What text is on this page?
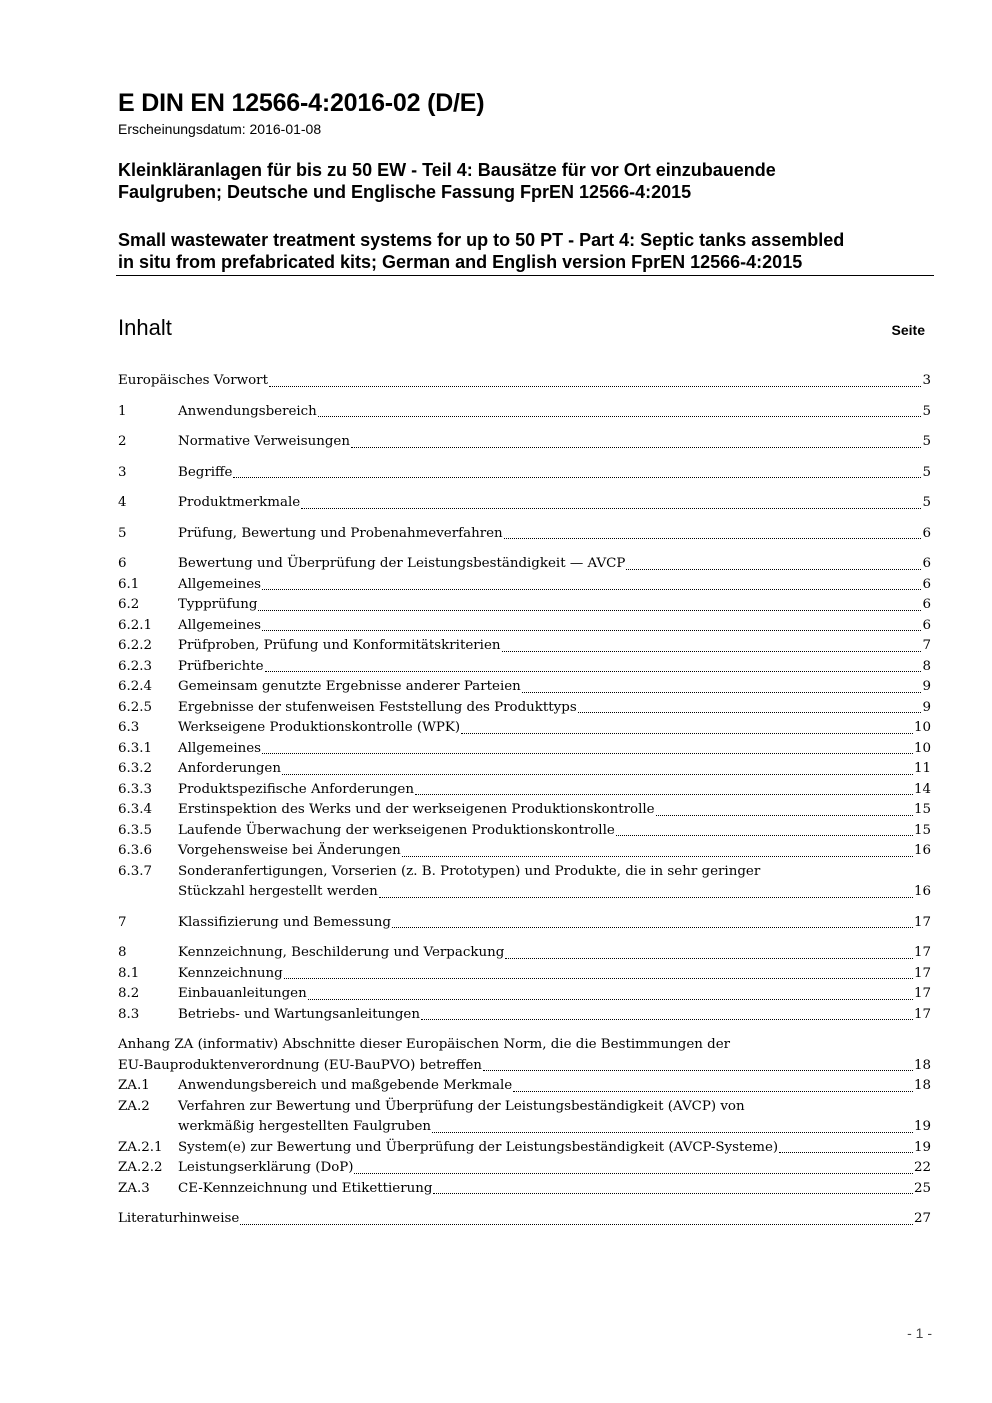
E DIN EN 12566-4:2016-02 (D/E)
Erscheinungsdatum: 2016-01-08
Kleinkläranlagen für bis zu 50 EW - Teil 4: Bausätze für vor Ort einzubauende
Faulgruben; Deutsche und Englische Fassung FprEN 12566-4:2015
Small wastewater treatment systems for up to 50 PT - Part 4: Septic tanks assembled
in situ from prefabricated kits; German and English version FprEN 12566-4:2015
Inhalt	Seite
Europäisches Vorwort	3
1	Anwendungsbereich	5
2	Normative Verweisungen	5
3	Begriffe	5
4	Produktmerkmale	5
5	Prüfung, Bewertung und Probenahmeverfahren	6
6	Bewertung und Überprüfung der Leistungsbeständigkeit — AVCP	6
6.1	Allgemeines	6
6.2	Typprüfung	6
6.2.1 Allgemeines	6
6.2.2 Prüfproben, Prüfung und Konformitätskriterien	7
6.2.3 Prüfberichte	8
6.2.4 Gemeinsam genutzte Ergebnisse anderer Parteien	9
6.2.5 Ergebnisse der stufenweisen Feststellung des Produkttyps	9
6.3	Werkseigene Produktionskontrolle (WPK)	10
6.3.1 Allgemeines	10
6.3.2 Anforderungen	11
6.3.3 Produktspezifische Anforderungen	14
6.3.4 Erstinspektion des Werks und der werkseigenen Produktionskontrolle	15
6.3.5 Laufende Überwachung der werkseigenen Produktionskontrolle	15
6.3.6 Vorgehensweise bei Änderungen	16
6.3.7 Sonderanfertigungen, Vorserien (z. B. Prototypen) und Produkte, die in sehr geringer
Stückzahl hergestellt werden	16
7	Klassifizierung und Bemessung	17
8	Kennzeichnung, Beschilderung und Verpackung	17
8.1	Kennzeichnung	17
8.2	Einbauanleitungen	17
8.3	Betriebs- und Wartungsanleitungen	17
Anhang ZA (informativ) Abschnitte dieser Europäischen Norm, die die Bestimmungen der
EU-Bauproduktenverordnung (EU-BauPVO) betreffen	18
ZA.1 Anwendungsbereich und maßgebende Merkmale	18
ZA.2 Verfahren zur Bewertung und Überprüfung der Leistungsbeständigkeit (AVCP) von
werkmäßig hergestellten Faulgruben	19
ZA.2.1 System(e) zur Bewertung und Überprüfung der Leistungsbeständigkeit (AVCP-Systeme)	19
ZA.2.2 Leistungserklärung (DoP)	22
ZA.3 CE-Kennzeichnung und Etikettierung	25
Literaturhinweise	27
- 1 -
